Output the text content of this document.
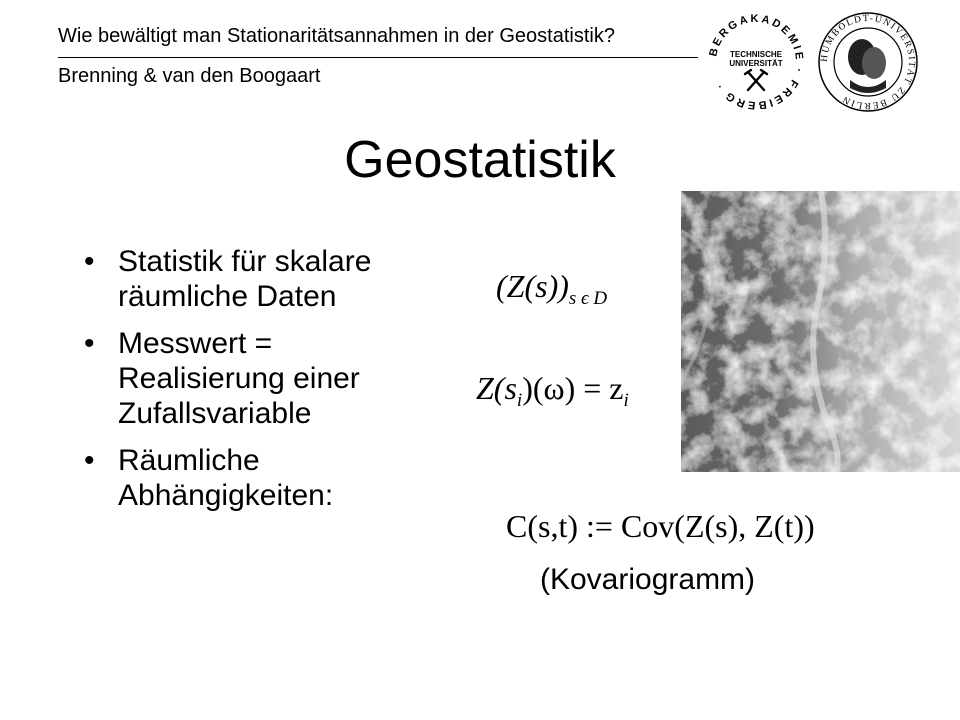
Wie bewältigt man Stationaritätsannahmen in der Geostatistik?
Brenning & van den Boogaart
BERGAKADEMIE · FREIBERG ·
TECHNISCHE
UNIVERSITÄT
HUMBOLDT-UNIVERSITÄT ZU BERLIN
Geostatistik
• Statistik für skalare räumliche Daten
• Messwert = Realisierung einer Zufallsvariable
• Räumliche Abhängigkeiten:
$(Z(s))_{s \epsilon D}$
$Z(s_i)(\omega) = z_i$
C(s,t) := Cov(Z(s), Z(t))
(Kovariogramm)
